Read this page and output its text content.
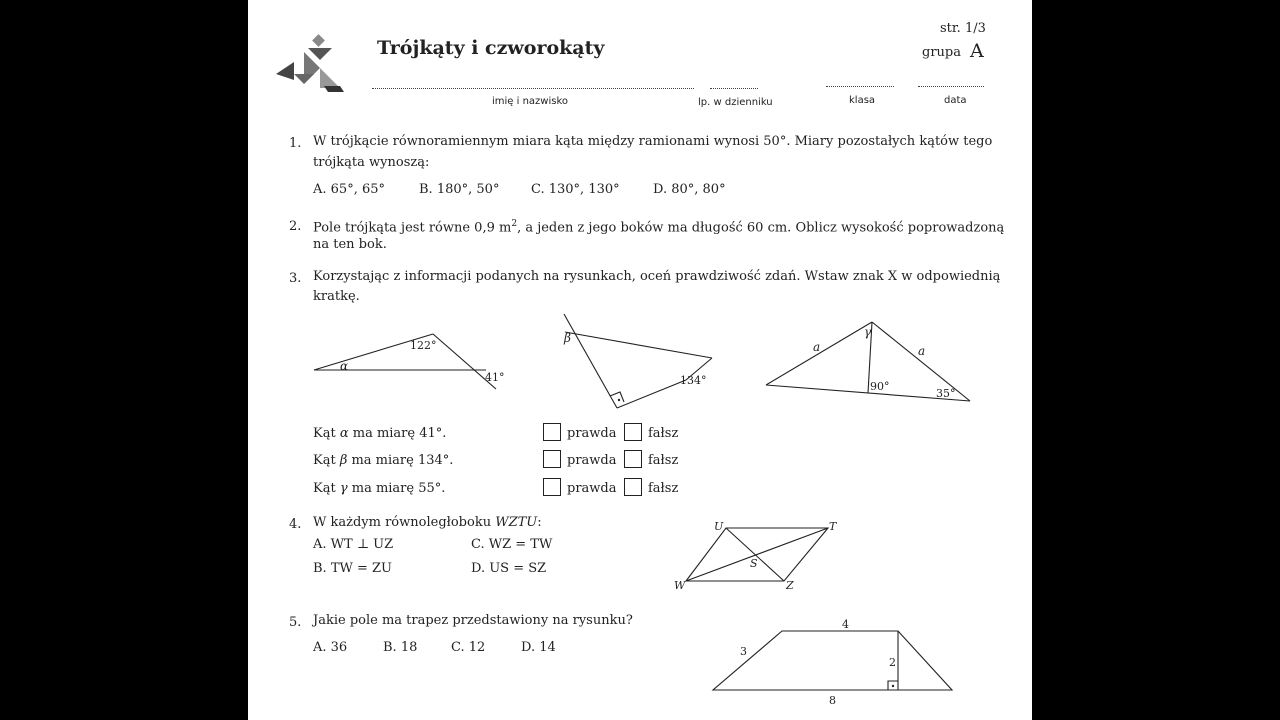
Trójkąty i czworokąty
str. 1/3
grupa A
imię i nazwisko	lp. w dzienniku	klasa	data
1. W trójkącie równoramiennym miara kąta między ramionami wynosi 50°. Miary pozostałych kątów tego
trójkąta wynoszą:
A. 65°, 65°	B. 180°, 50° C. 130°, 130°	D. 80°, 80°
2. Pole trójkąta jest równe 0,9 $m^2$, a jeden z jego boków ma długość 60 cm. Oblicz wysokość poprowadzoną
na ten bok.
3. Korzystając z informacji podanych na rysunkach, oceń prawdziwość zdań. Wstaw znak X w odpowiednią
kratkę.
122°
α
41°
β
134°
a	a
γ
90°
35°
Kąt α ma miarę 41°.	prawda	fałsz
Kąt β ma miarę 134°.	prawda	fałsz
Kąt γ ma miarę 55°.	prawda	fałsz
4. W każdym równoległoboku WZTU:
A. WT ⊥ UZ	C. WZ = TW
B. TW = ZU	D. US = SZ
U	T
W	Z
S
5. Jakie pole ma trapez przedstawiony na rysunku?
A. 36	B. 18	C. 12	D. 14
4
3
2
8
